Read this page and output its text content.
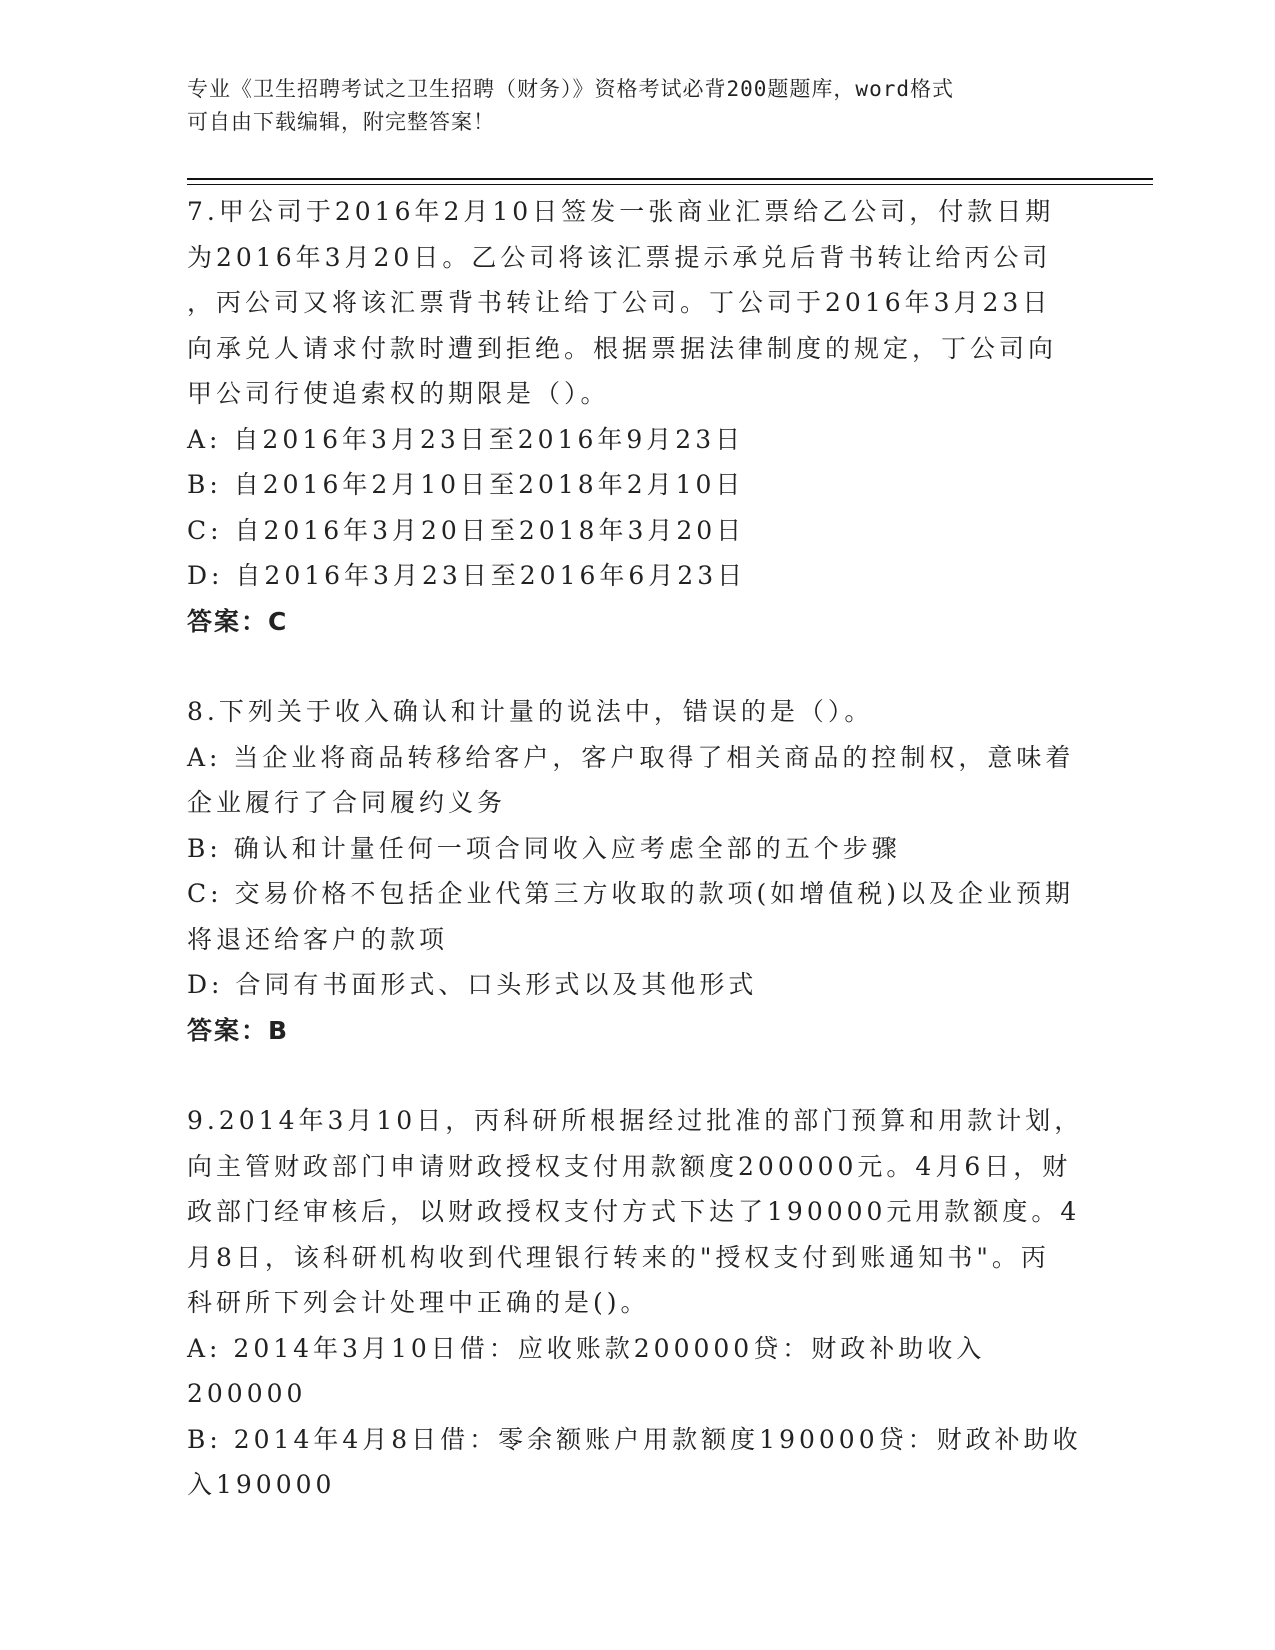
专业《卫生招聘考试之卫生招聘（财务）》资格考试必背200题题库，word格式

可自由下载编辑，附完整答案！

7.甲公司于2016年2月10日签发一张商业汇票给乙公司，付款日期

为2016年3月20日。乙公司将该汇票提示承兑后背书转让给丙公司

，丙公司又将该汇票背书转让给丁公司。丁公司于2016年3月23日

向承兑人请求付款时遭到拒绝。根据票据法律制度的规定，丁公司向

甲公司行使追索权的期限是（）。

A: 自2016年3月23日至2016年9月23日

B: 自2016年2月10日至2018年2月10日

C: 自2016年3月20日至2018年3月20日

D: 自2016年3月23日至2016年6月23日

答案：C

8.下列关于收入确认和计量的说法中，错误的是（）。

A: 当企业将商品转移给客户，客户取得了相关商品的控制权，意味着

企业履行了合同履约义务

B: 确认和计量任何一项合同收入应考虑全部的五个步骤

C: 交易价格不包括企业代第三方收取的款项(如增值税)以及企业预期

将退还给客户的款项

D: 合同有书面形式、口头形式以及其他形式

答案：B

9.2014年3月10日，丙科研所根据经过批准的部门预算和用款计划，

向主管财政部门申请财政授权支付用款额度200000元。4月6日，财

政部门经审核后，以财政授权支付方式下达了190000元用款额度。4

月8日，该科研机构收到代理银行转来的"授权支付到账通知书"。丙

科研所下列会计处理中正确的是()。

A: 2014年3月10日借：应收账款200000贷：财政补助收入200000

B: 2014年4月8日借：零余额账户用款额度190000贷：财政补助收

入190000
